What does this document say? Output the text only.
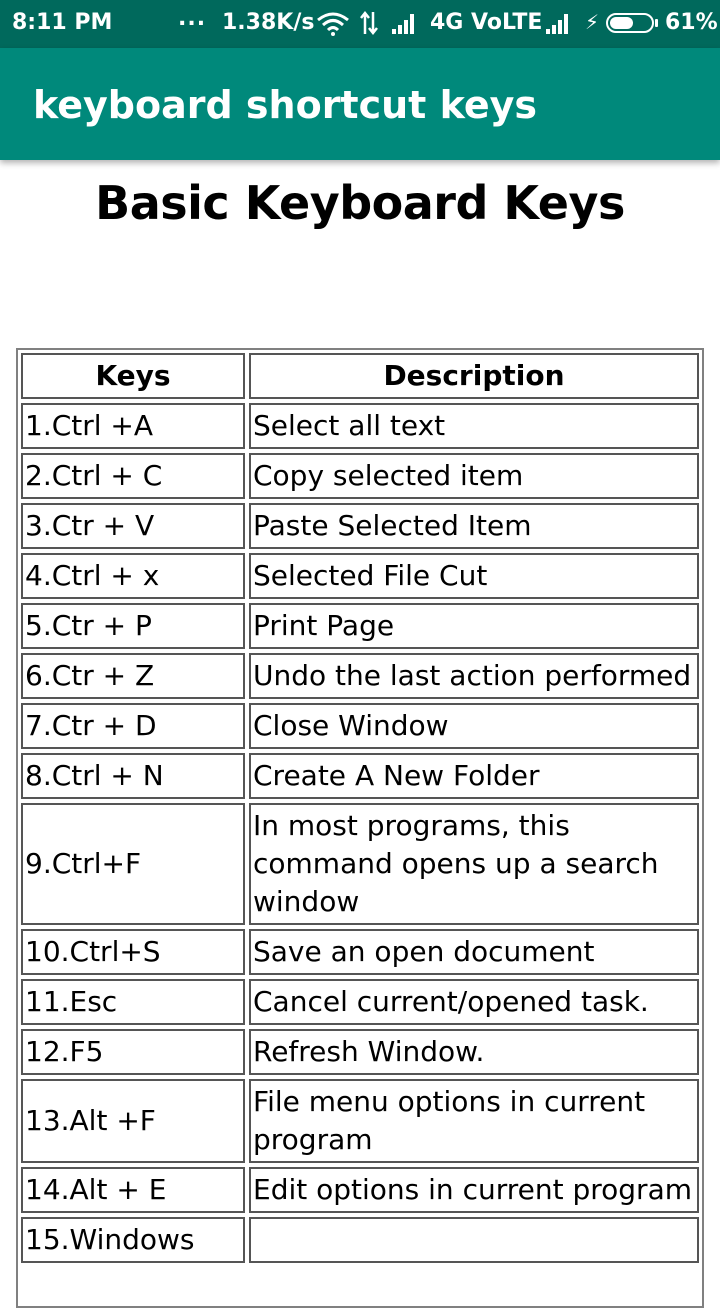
8:11 PM	... 1.38K/s	4G VoLTE ⚡	61%
keyboard shortcut keys
Basic Keyboard Keys
Keys	Description
1.Ctrl +A	Select all text
2.Ctrl + C	Copy selected item
3.Ctr + V	Paste Selected Item
4.Ctrl + x	Selected File Cut
5.Ctr + P	Print Page
6.Ctr + Z	Undo the last action performed
7.Ctr + D	Close Window
8.Ctrl + N	Create A New Folder
9.Ctrl+F	In most programs, this command opens up a search window
10.Ctrl+S	Save an open document
11.Esc	Cancel current/opened task.
12.F5	Refresh Window.
13.Alt +F	File menu options in current program
14.Alt + E	Edit options in current program
15.Windows	
